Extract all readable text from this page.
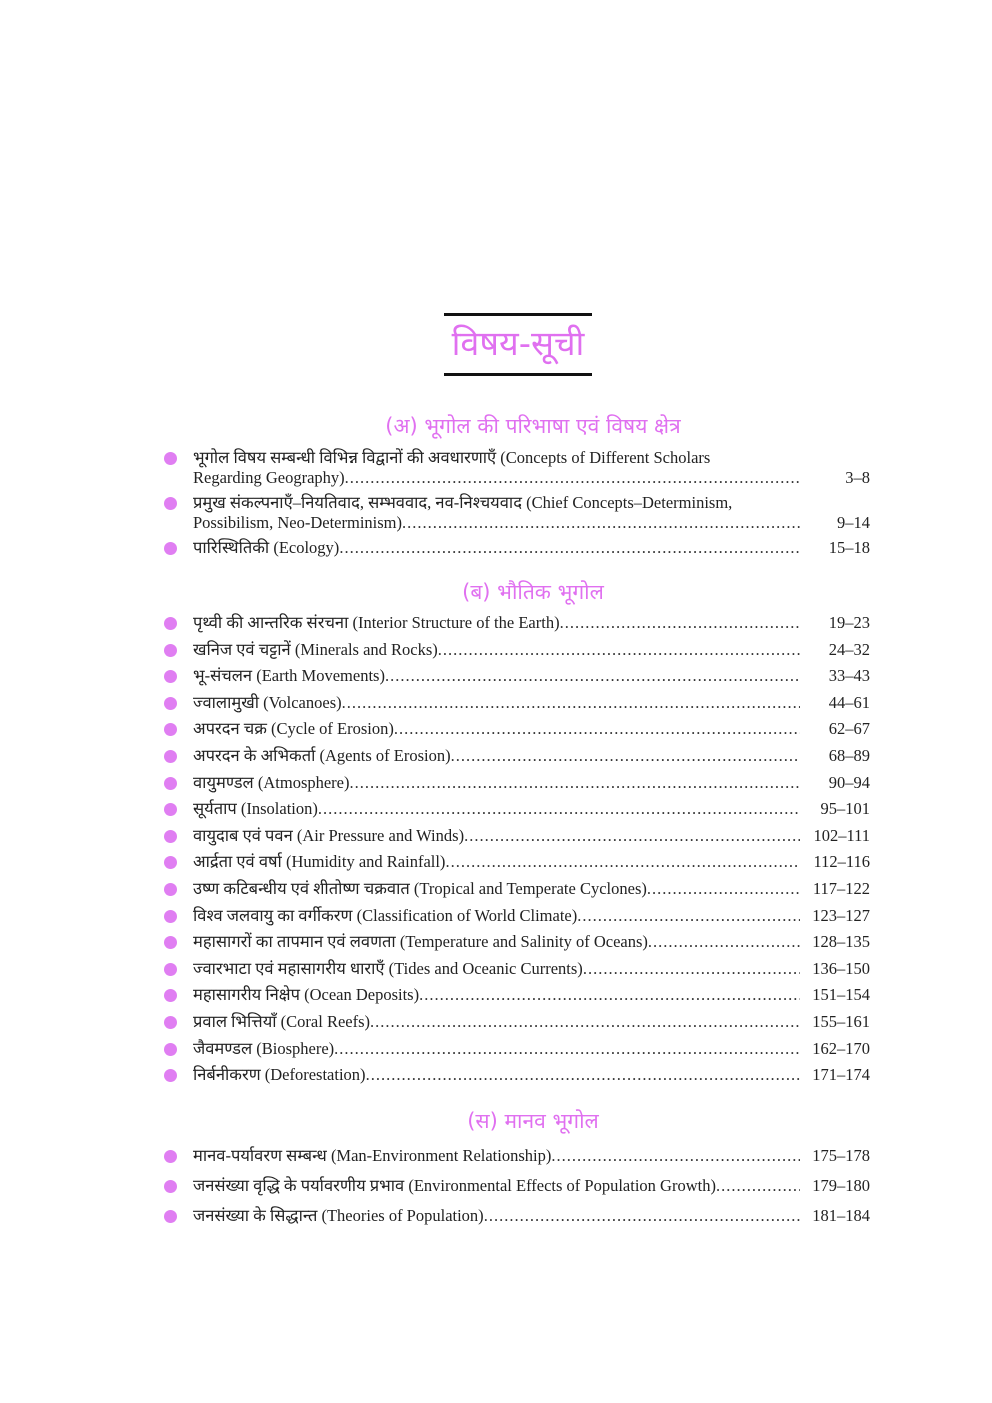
विषय-सूची
(अ) भूगोल की परिभाषा एवं विषय क्षेत्र
भूगोल विषय सम्बन्धी विभिन्न विद्वानों की अवधारणाएँ (Concepts of Different Scholars
Regarding Geography) .....	3–8
प्रमुख संकल्पनाएँ–नियतिवाद, सम्भववाद, नव-निश्चयवाद (Chief Concepts–Determinism,
Possibilism, Neo-Determinism) .....	9–14
पारिस्थितिकी (Ecology) .....	15–18
(ब) भौतिक भूगोल
पृथ्वी की आन्तरिक संरचना (Interior Structure of the Earth) .....	19–23
खनिज एवं चट्टानें (Minerals and Rocks) .....	24–32
भू-संचलन (Earth Movements) .....	33–43
ज्वालामुखी (Volcanoes) .....	44–61
अपरदन चक्र (Cycle of Erosion) .....	62–67
अपरदन के अभिकर्ता (Agents of Erosion) .....	68–89
वायुमण्डल (Atmosphere) .....	90–94
सूर्यताप (Insolation) .....	95–101
वायुदाब एवं पवन (Air Pressure and Winds) .....	102–111
आर्द्रता एवं वर्षा (Humidity and Rainfall) .....	112–116
उष्ण कटिबन्धीय एवं शीतोष्ण चक्रवात (Tropical and Temperate Cyclones) .....	117–122
विश्व जलवायु का वर्गीकरण (Classification of World Climate) .....	123–127
महासागरों का तापमान एवं लवणता (Temperature and Salinity of Oceans) .....	128–135
ज्वारभाटा एवं महासागरीय धाराएँ (Tides and Oceanic Currents) .....	136–150
महासागरीय निक्षेप (Ocean Deposits) .....	151–154
प्रवाल भित्तियाँ (Coral Reefs) .....	155–161
जैवमण्डल (Biosphere) .....	162–170
निर्बनीकरण (Deforestation) .....	171–174
(स) मानव भूगोल
मानव-पर्यावरण सम्बन्ध (Man-Environment Relationship) .....	175–178
जनसंख्या वृद्धि के पर्यावरणीय प्रभाव (Environmental Effects of Population Growth) .....	179–180
जनसंख्या के सिद्धान्त (Theories of Population) .....	181–184
